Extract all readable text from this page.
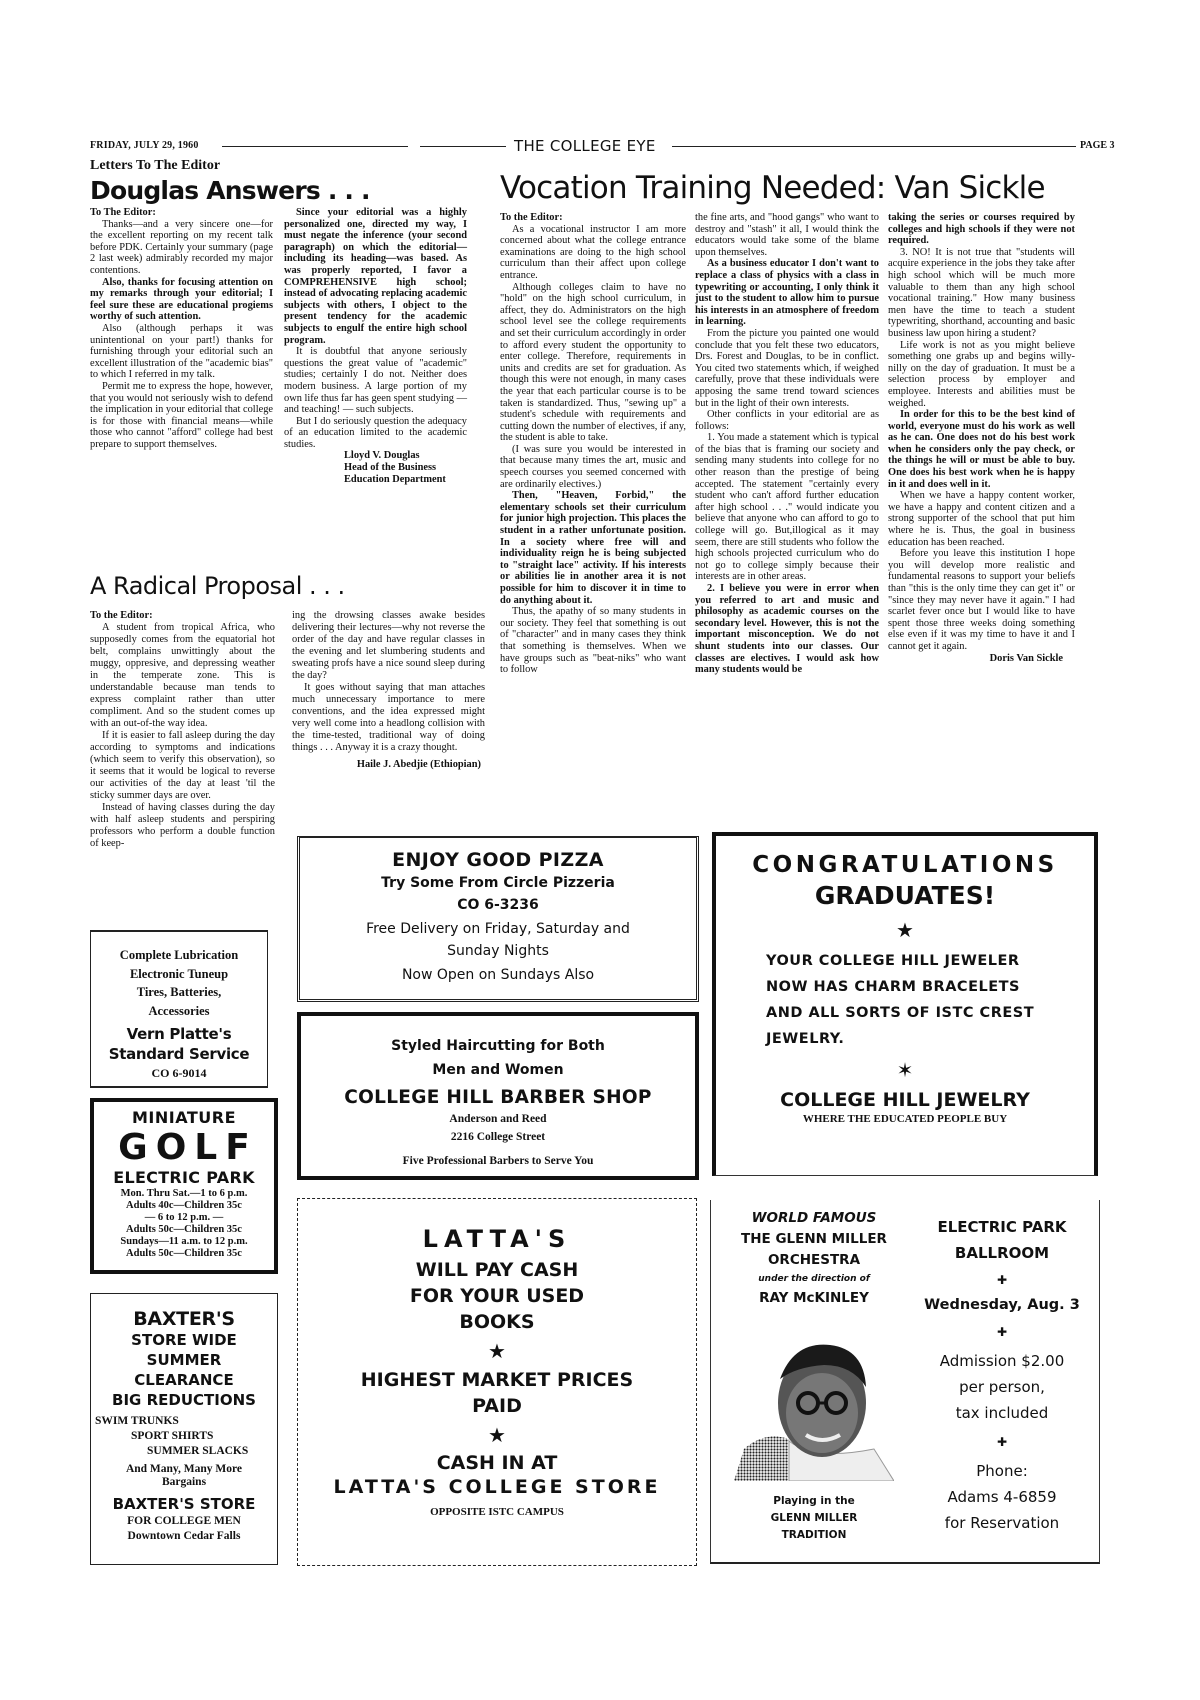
FRIDAY, JULY 29, 1960	THE COLLEGE EYE	PAGE 3
Letters To The Editor
Douglas Answers . . .

To The Editor:

Thanks—and a very sincere one—for the excellent reporting on my recent talk before PDK. Certainly your summary (page 2 last week) admirably recorded my major contentions.

Also, thanks for focusing attention on my remarks through your editorial; I feel sure these are educational progiems worthy of such attention.

Also (although perhaps it was unintentional on your part!) thanks for furnishing through your editorial such an excellent illustration of the "academic bias" to which I referred in my talk.

Permit me to express the hope, however, that you would not seriously wish to defend the implication in your editorial that college is for those with financial means—while those who cannot "afford" college had best prepare to support themselves.

Since your editorial was a highly personalized one, directed my way, I must negate the inference (your second paragraph) on which the editorial—including its heading—was based. As was properly reported, I favor a COMPREHENSIVE high school; instead of advocating replacing academic subjects with others, I object to the present tendency for the academic subjects to engulf the entire high school program.

It is doubtful that anyone seriously questions the great value of "academic" studies; certainly I do not. Neither does modern business. A large portion of my own life thus far has geen spent studying — and teaching! — such subjects.

But I do seriously question the adequacy of an education limited to the academic studies.

Lloyd V. Douglas
Head of the Business
Education Department
A Radical Proposal . . .

To the Editor:

A student from tropical Africa, who supposedly comes from the equatorial hot belt, complains unwittingly about the muggy, oppresive, and depressing weather in the temperate zone. This is understandable because man tends to express complaint rather than utter compliment. And so the student comes up with an out-of-the way idea.

If it is easier to fall asleep during the day according to symptoms and indications (which seem to verify this observation), so it seems that it would be logical to reverse our activities of the day at least 'til the sticky summer days are over.

Instead of having classes during the day with half asleep students and perspiring professors who perform a double function of keep-

ing the drowsing classes awake besides delivering their lectures—why not reverse the order of the day and have regular classes in the evening and let slumbering students and sweating profs have a nice sound sleep during the day?

It goes without saying that man attaches much unnecessary importance to mere conventions, and the idea expressed might very well come into a headlong collision with the time-tested, traditional way of doing things . . . Anyway it is a crazy thought.

Haile J. Abedjie (Ethiopian)
Vocation Training Needed: Van Sickle

To the Editor:

As a vocational instructor I am more concerned about what the college entrance examinations are doing to the high school curriculum than their affect upon college entrance.

Although colleges claim to have no "hold" on the high school curriculum, in affect, they do. Administrators on the high school level see the college requirements and set their curriculum accordingly in order to afford every student the opportunity to enter college. Therefore, requirements in units and credits are set for graduation. As though this were not enough, in many cases the year that each particular course is to be taken is standardized. Thus, "sewing up" a student's schedule with requirements and cutting down the number of electives, if any, the student is able to take.

(I was sure you would be interested in that because many times the art, music and speech courses you seemed concerned with are ordinarily electives.)

Then, "Heaven, Forbid," the elementary schools set their curriculum for junior high projection. This places the student in a rather unfortunate position. In a society where free will and individuality reign he is being subjected to "straight lace" activity. If his interests or abilities lie in another area it is not possible for him to discover it in time to do anything about it.

Thus, the apathy of so many students in our society. They feel that something is out of "character" and in many cases they think that something is themselves. When we have groups such as "beat-niks" who want to follow

the fine arts, and "hood gangs" who want to destroy and "stash" it all, I would think the educators would take some of the blame upon themselves.

As a business educator I don't want to replace a class of physics with a class in typewriting or accounting, I only think it just to the student to allow him to pursue his interests in an atmosphere of freedom in learning.

From the picture you painted one would conclude that you felt these two educators, Drs. Forest and Douglas, to be in conflict. You cited two statements which, if weighed carefully, prove that these individuals were apposing the same trend toward sciences but in the light of their own interests.

Other conflicts in your editorial are as follows:

1. You made a statement which is typical of the bias that is framing our society and sending many students into college for no other reason than the prestige of being accepted. The statement "certainly every student who can't afford further education after high school . . ." would indicate you believe that anyone who can afford to go to college will go. But,illogical as it may seem, there are still students who follow the high schools projected curriculum who do not go to college simply because their interests are in other areas.

2. I believe you were in error when you referred to art and music and philosophy as academic courses on the secondary level. However, this is not the important misconception. We do not shunt students into our classes. Our classes are electives. I would ask how many students would be

taking the series or courses required by colleges and high schools if they were not required.

3. NO! It is not true that "students will acquire experience in the jobs they take after high school which will be much more valuable to them than any high school vocational training." How many business men have the time to teach a student typewriting, shorthand, accounting and basic business law upon hiring a student?

Life work is not as you might believe something one grabs up and begins willy-nilly on the day of graduation. It must be a selection process by employer and employee. Interests and abilities must be weighed.

In order for this to be the best kind of world, everyone must do his work as well as he can. One does not do his best work when he considers only the pay check, or the things he will or must be able to buy. One does his best work when he is happy in it and does well in it.

When we have a happy content worker, we have a happy and content citizen and a strong supporter of the school that put him where he is. Thus, the goal in business education has been reached.

Before you leave this institution I hope you will develop more realistic and fundamental reasons to support your beliefs than "this is the only time they can get it" or "since they may never have it again." I had scarlet fever once but I would like to have spent those three weeks doing something else even if it was my time to have it and I cannot get it again.

Doris Van Sickle
Complete Lubrication
Electronic Tuneup
Tires, Batteries,
Accessories
Vern Platte's
Standard Service
CO 6-9014
MINIATURE
GOLF
ELECTRIC PARK
Mon. Thru Sat.—1 to 6 p.m.
Adults 40c—Children 35c
— 6 to 12 p.m. —
Adults 50c—Children 35c
Sundays—11 a.m. to 12 p.m.
Adults 50c—Children 35c
BAXTER'S
STORE WIDE
SUMMER
CLEARANCE
BIG REDUCTIONS
SWIM TRUNKS
SPORT SHIRTS
SUMMER SLACKS
And Many, Many More
Bargains
BAXTER'S STORE
FOR COLLEGE MEN
Downtown Cedar Falls
ENJOY GOOD PIZZA
Try Some From Circle Pizzeria
CO 6-3236
Free Delivery on Friday, Saturday and
Sunday Nights
Now Open on Sundays Also
Styled Haircutting for Both
Men and Women
COLLEGE HILL BARBER SHOP
Anderson and Reed
2216 College Street
Five Professional Barbers to Serve You
LATTA'S
WILL PAY CASH
FOR YOUR USED
BOOKS
★
HIGHEST MARKET PRICES
PAID
★
CASH IN AT
LATTA'S COLLEGE STORE
OPPOSITE ISTC CAMPUS
CONGRATULATIONS
GRADUATES!
★
YOUR COLLEGE HILL JEWELER
NOW HAS CHARM BRACELETS
AND ALL SORTS OF ISTC CREST
JEWELRY.
✶
COLLEGE HILL JEWELRY
WHERE THE EDUCATED PEOPLE BUY
WORLD FAMOUS
THE GLENN MILLER
ORCHESTRA
under the direction of
RAY McKINLEY
Playing in the
GLENN MILLER
TRADITION
ELECTRIC PARK
BALLROOM
✚
Wednesday, Aug. 3
✚
Admission $2.00
per person,
tax included
✚
Phone:
Adams 4-6859
for Reservation
